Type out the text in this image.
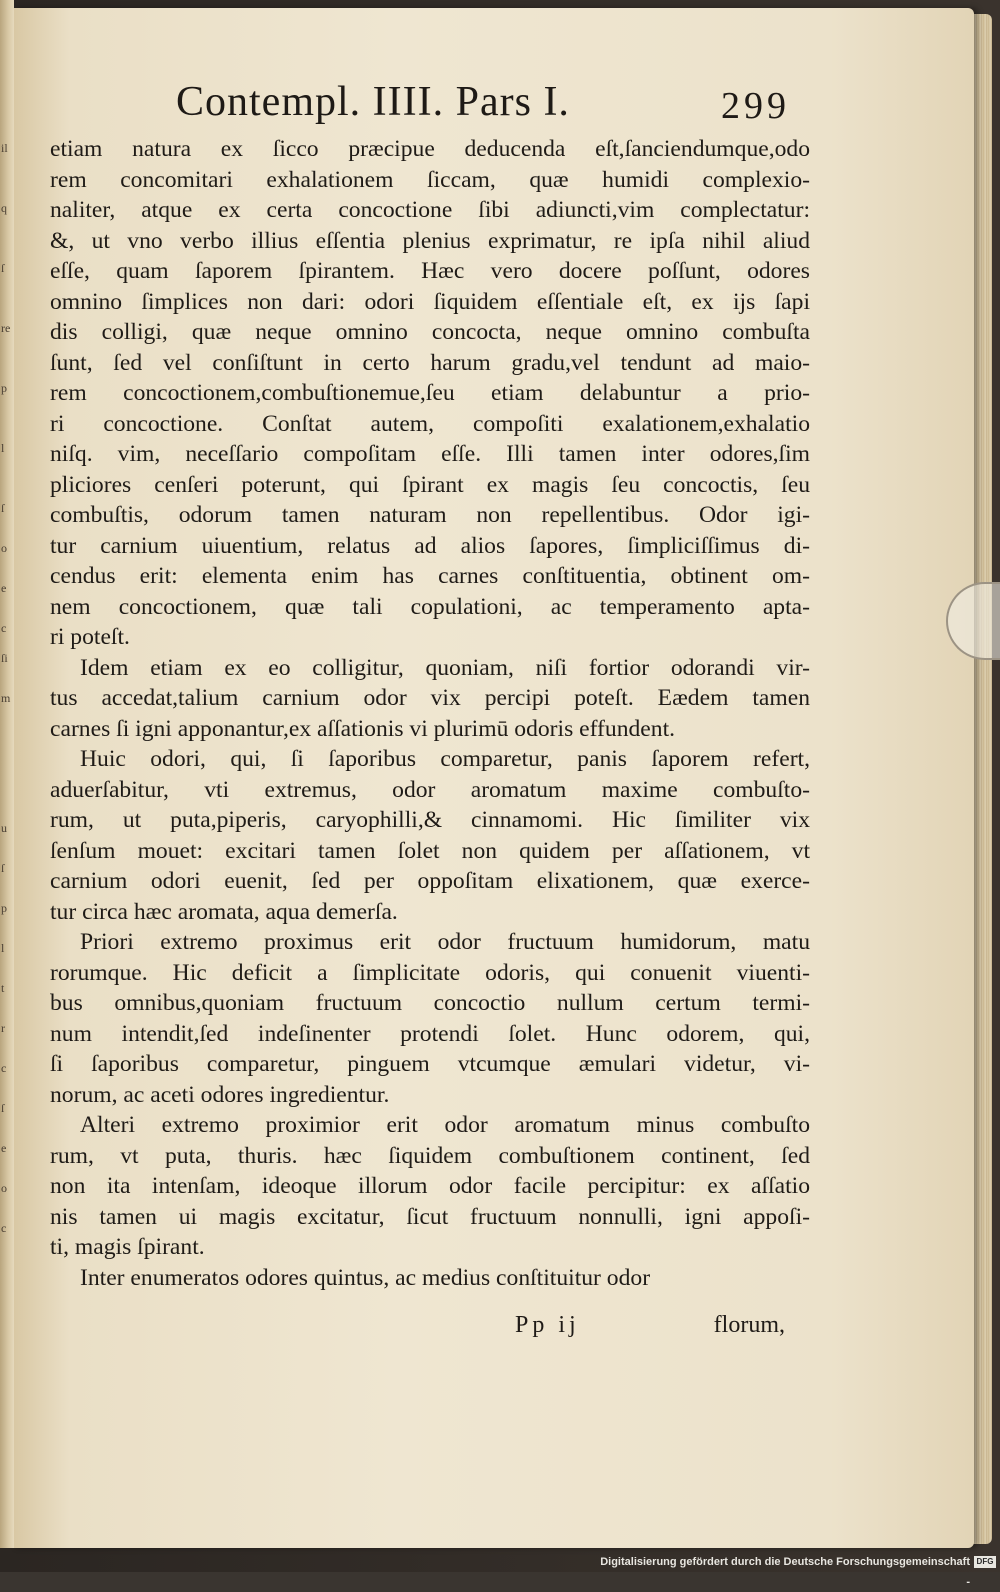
il
q
ſ
re
p
l
ſ
o
e
c
ſi
m
u
ſ
p
l
t
r
c
ſ
e
o
c
Contempl. IIII. Pars I.	299
etiam natura ex ſicco præcipue deducenda eſt,ſanciendumque,odo
rem concomitari exhalationem ſiccam, quæ humidi complexio-
naliter, atque ex certa concoctione ſibi adiuncti,vim complectatur:
&, ut vno verbo illius eſſentia plenius exprimatur, re ipſa nihil aliud
eſſe, quam ſaporem ſpirantem. Hæc vero docere poſſunt, odores
omnino ſimplices non dari: odori ſiquidem eſſentiale eſt, ex ijs ſapi
dis colligi, quæ neque omnino concocta, neque omnino combuſta
ſunt, ſed vel conſiſtunt in certo harum gradu,vel tendunt ad maio-
rem concoctionem,combuſtionemue,ſeu etiam delabuntur a prio-
ri concoctione. Conſtat autem, compoſiti exalationem,exhalatio
niſq. vim, neceſſario compoſitam eſſe. Illi tamen inter odores,ſim
pliciores cenſeri poterunt, qui ſpirant ex magis ſeu concoctis, ſeu
combuſtis, odorum tamen naturam non repellentibus. Odor igi-
tur carnium uiuentium, relatus ad alios ſapores, ſimpliciſſimus di-
cendus erit: elementa enim has carnes conſtituentia, obtinent om-
nem concoctionem, quæ tali copulationi, ac temperamento apta-
ri poteſt.
Idem etiam ex eo colligitur, quoniam, niſi fortior odorandi vir-
tus accedat,talium carnium odor vix percipi poteſt. Eædem tamen
carnes ſi igni apponantur,ex aſſationis vi plurimū odoris effundent.
Huic odori, qui, ſi ſaporibus comparetur, panis ſaporem refert,
aduerſabitur, vti extremus, odor aromatum maxime combuſto-
rum, ut puta,piperis, caryophilli,& cinnamomi. Hic ſimiliter vix
ſenſum mouet: excitari tamen ſolet non quidem per aſſationem, vt
carnium odori euenit, ſed per oppoſitam elixationem, quæ exerce-
tur circa hæc aromata, aqua demerſa.
Priori extremo proximus erit odor fructuum humidorum, matu
rorumque. Hic deficit a ſimplicitate odoris, qui conuenit viuenti-
bus omnibus,quoniam fructuum concoctio nullum certum termi-
num intendit,ſed indeſinenter protendi ſolet. Hunc odorem, qui,
ſi ſaporibus comparetur, pinguem vtcumque æmulari videtur, vi-
norum, ac aceti odores ingredientur.
Alteri extremo proximior erit odor aromatum minus combuſto
rum, vt puta, thuris. hæc ſiquidem combuſtionem continent, ſed
non ita intenſam, ideoque illorum odor facile percipitur: ex aſſatio
nis tamen ui magis excitatur, ſicut fructuum nonnulli, igni appoſi-
ti, magis ſpirant.
Inter enumeratos odores quintus, ac medius conſtituitur odor
Pp ij	florum,
Digitalisierung gefördert durch die Deutsche Forschungsgemeinschaft -
DFG
